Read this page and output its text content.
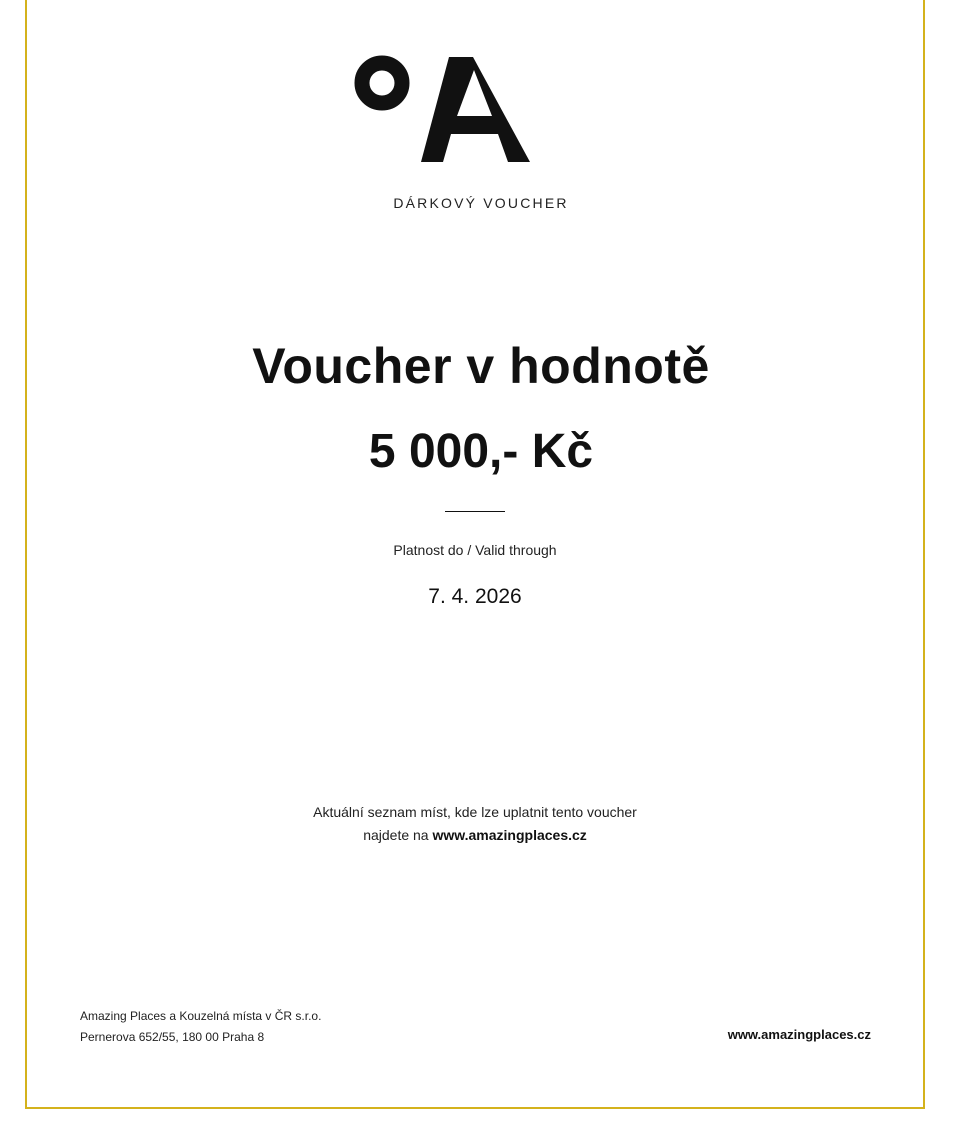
DÁRKOVÝ VOUCHER
Voucher v hodnotě
5 000,- Kč
Platnost do / Valid through
7. 4. 2026
Aktuální seznam míst, kde lze uplatnit tento voucher
najdete na www.amazingplaces.cz
Amazing Places a Kouzelná místa v ČR s.r.o.
Pernerova 652/55, 180 00 Praha 8	www.amazingplaces.cz
